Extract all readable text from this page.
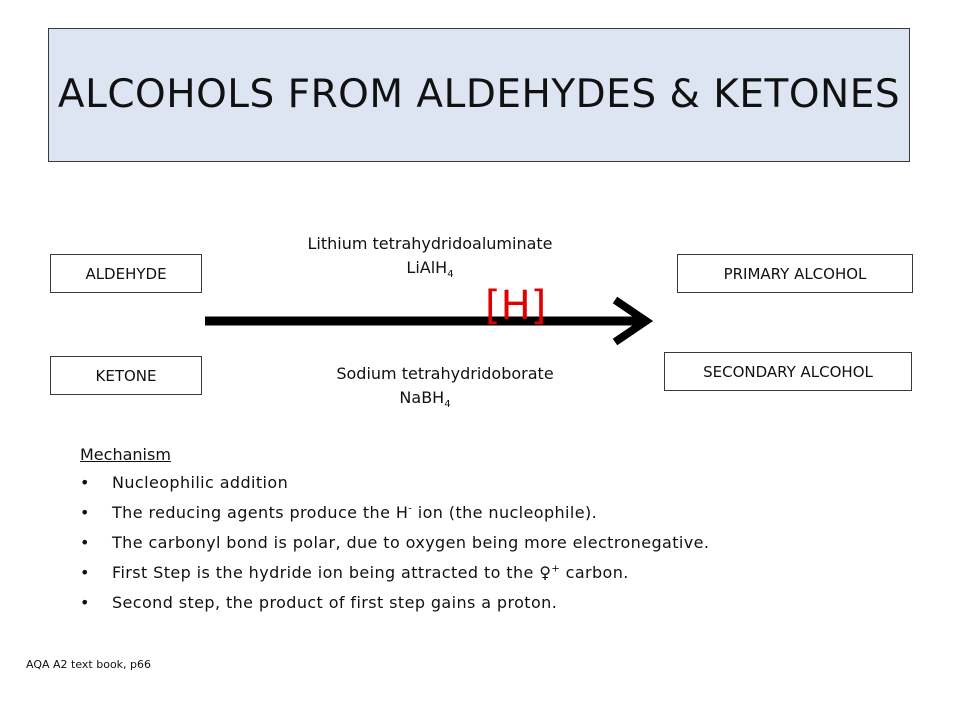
ALCOHOLS FROM ALDEHYDES & KETONES
ALDEHYDE
KETONE
PRIMARY ALCOHOL
SECONDARY ALCOHOL
Lithium tetrahydridoaluminate
LiAlH$_4$
Sodium tetrahydridoborate
NaBH$_4$
[H]
Mechanism
• Nucleophilic addition
• The reducing agents produce the H- ion (the nucleophile).
• The carbonyl bond is polar, due to oxygen being more electronegative.
• First Step is the hydride ion being attracted to the ♀+ carbon.
• Second step, the product of first step gains a proton.
AQA A2 text book, p66
